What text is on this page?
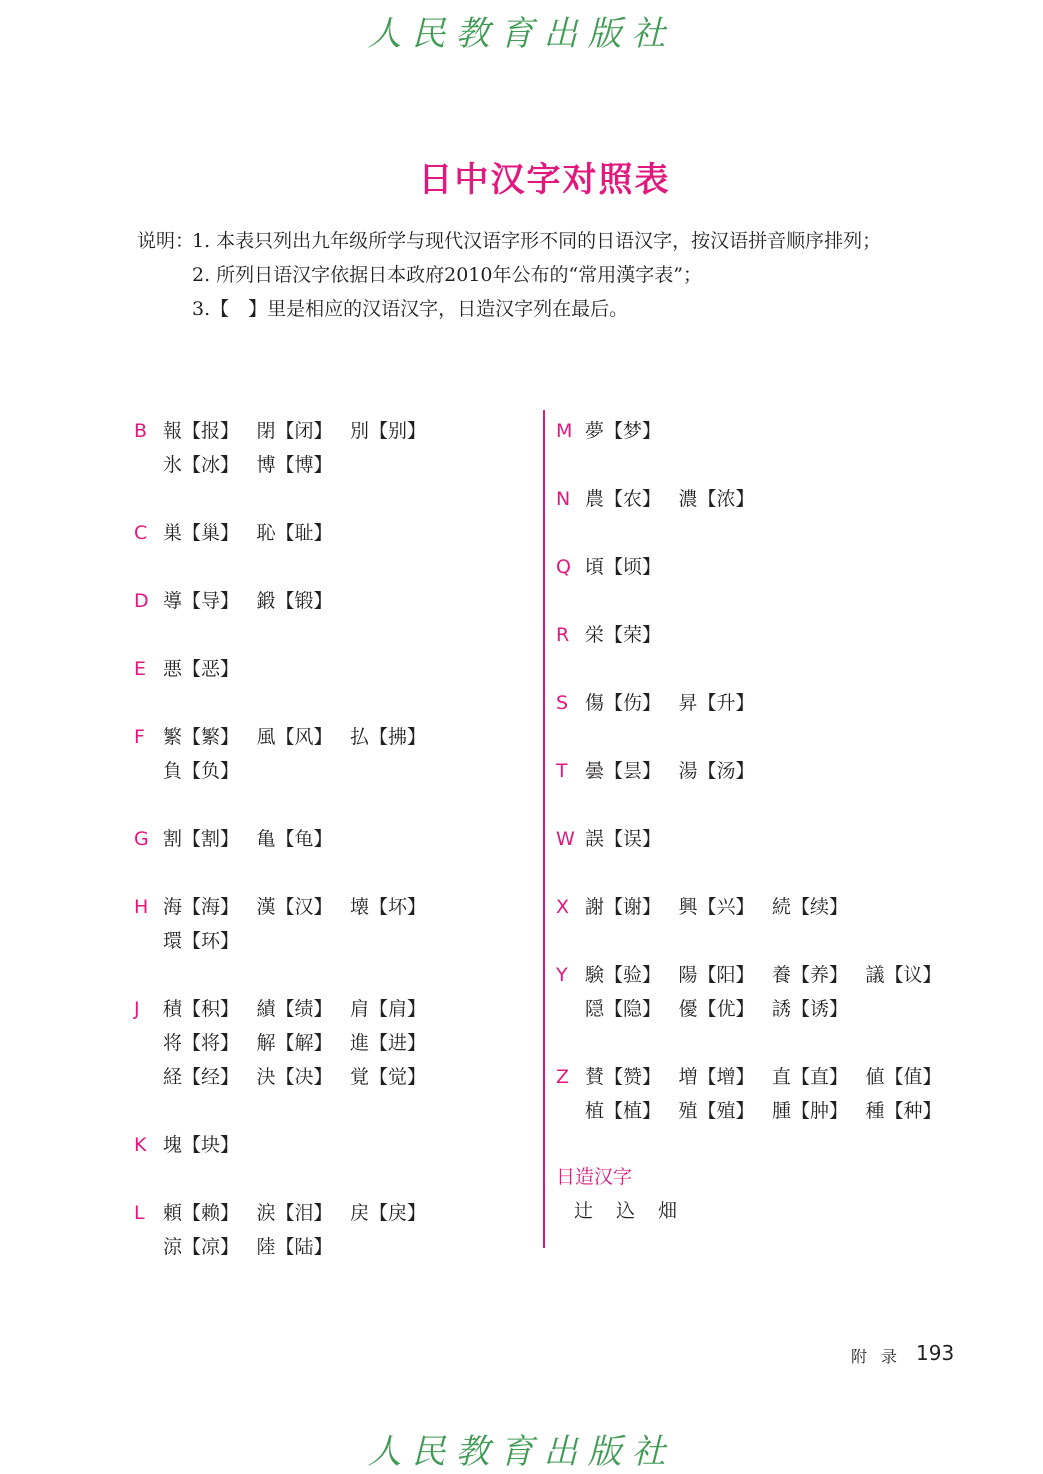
人民教育出版社
日中汉字对照表
说明：
1. 本表只列出九年级所学与现代汉语字形不同的日语汉字，按汉语拼音顺序排列；
2. 所列日语汉字依据日本政府2010年公布的“常用漢字表”；
3.【　】里是相应的汉语汉字，日造汉字列在最后。
B 報【报】 閉【闭】 別【别】
氷【冰】 博【博】
C 巣【巢】 恥【耻】
D 導【导】 鍛【锻】
E 悪【恶】
F 繁【繁】 風【风】 払【拂】
負【负】
G 割【割】 亀【龟】
H 海【海】 漢【汉】 壊【坏】
環【环】
J	積【积】 績【绩】 肩【肩】
将【将】 解【解】 進【进】
経【经】 決【决】 覚【觉】
K 塊【块】
L 頼【赖】 涙【泪】 戻【戾】
涼【凉】 陸【陆】
M 夢【梦】
N 農【农】 濃【浓】
Q 頃【顷】
R 栄【荣】
S 傷【伤】 昇【升】
T 曇【昙】 湯【汤】
W 誤【误】
X 謝【谢】 興【兴】 続【续】
Y 験【验】 陽【阳】 養【养】 議【议】
隠【隐】 優【优】 誘【诱】
Z 賛【赞】 増【增】 直【直】 値【值】
植【植】 殖【殖】 腫【肿】 種【种】
日造汉字
辻	込	畑
附录 193
人民教育出版社
